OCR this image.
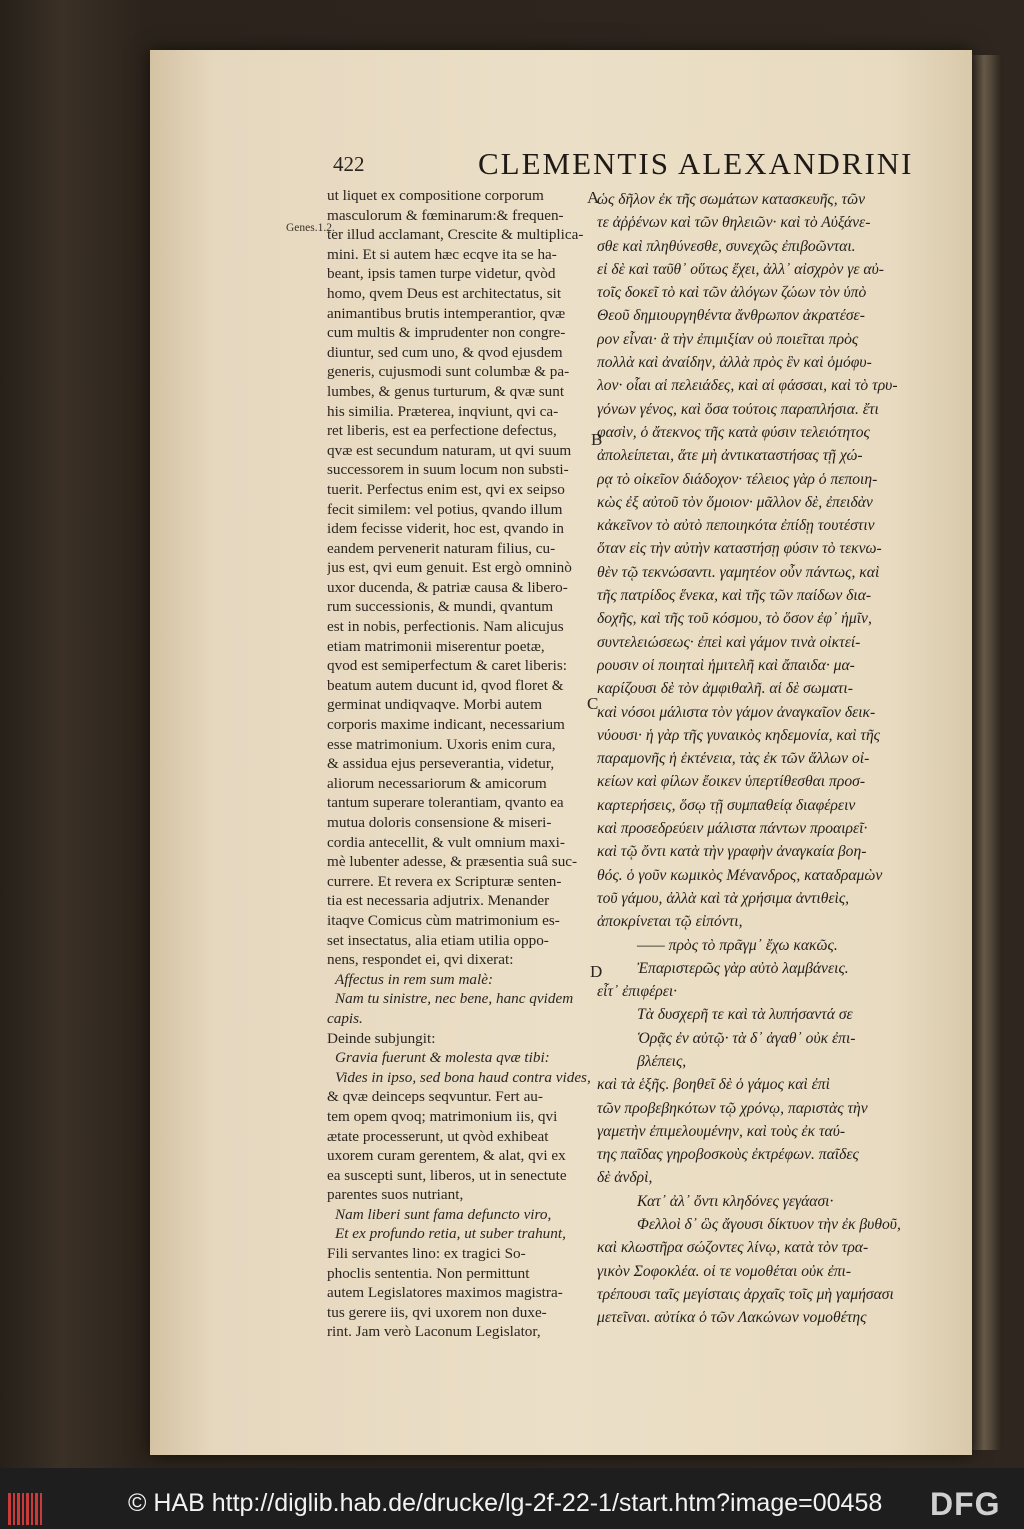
422	CLEMENTIS ALEXANDRINI
Genes.1.2.
A
B
C
D
ut liquet ex compositione corporum
masculorum & fœminarum:& frequen-
ter illud acclamant, Crescite & multiplica-
mini. Et si autem hæc ecqve ita se ha-
beant, ipsis tamen turpe videtur, qvòd
homo, qvem Deus est architectatus, sit
animantibus brutis intemperantior, qvæ
cum multis & imprudenter non congre-
diuntur, sed cum uno, & qvod ejusdem
generis, cujusmodi sunt columbæ & pa-
lumbes, & genus turturum, & qvæ sunt
his similia. Præterea, inqviunt, qvi ca-
ret liberis, est ea perfectione defectus,
qvæ est secundum naturam, ut qvi suum
successorem in suum locum non substi-
tuerit. Perfectus enim est, qvi ex seipso
fecit similem: vel potius, qvando illum
idem fecisse viderit, hoc est, qvando in
eandem pervenerit naturam filius, cu-
jus est, qvi eum genuit. Est ergò omninò
uxor ducenda, & patriæ causa & libero-
rum successionis, & mundi, qvantum
est in nobis, perfectionis. Nam alicujus
etiam matrimonii miserentur poetæ,
qvod est semiperfectum & caret liberis:
beatum autem ducunt id, qvod floret &
germinat undiqvaqve. Morbi autem
corporis maxime indicant, necessarium
esse matrimonium. Uxoris enim cura,
& assidua ejus perseverantia, videtur,
aliorum necessariorum & amicorum
tantum superare tolerantiam, qvanto ea
mutua doloris consensione & miseri-
cordia antecellit, & vult omnium maxi-
mè lubenter adesse, & præsentia suâ suc-
currere. Et revera ex Scripturæ senten-
tia est necessaria adjutrix. Menander
itaqve Comicus cùm matrimonium es-
set insectatus, alia etiam utilia oppo-
nens, respondet ei, qvi dixerat:
Affectus in rem sum malè:
Nam tu sinistre, nec bene, hanc qvidem
capis.
Deinde subjungit:
Gravia fuerunt & molesta qvæ tibi:
Vides in ipso, sed bona haud contra vides,
& qvæ deinceps seqvuntur. Fert au-
tem opem qvoq; matrimonium iis, qvi
ætate processerunt, ut qvòd exhibeat
uxorem curam gerentem, & alat, qvi ex
ea suscepti sunt, liberos, ut in senectute
parentes suos nutriant,
Nam liberi sunt fama defuncto viro,
Et ex profundo retia, ut suber trahunt,
Fili servantes lino: ex tragici So-
phoclis sententia. Non permittunt
autem Legislatores maximos magistra-
tus gerere iis, qvi uxorem non duxe-
rint. Jam verò Laconum Legislator,
ὡς δῆλον ἐκ τῆς σωμάτων κατασκευῆς, τῶν
τε ἀῤῥένων καὶ τῶν θηλειῶν· καὶ τὸ Αὐξάνε-
σθε καὶ πληθύνεσθε, συνεχῶς ἐπιβοῶνται.
εἰ δὲ καὶ ταῦθ᾽ οὕτως ἔχει, ἀλλ᾽ αἰσχρὸν γε αὐ-
τοῖς δοκεῖ τὸ καὶ τῶν ἀλόγων ζώων τὸν ὑπὸ
Θεοῦ δημιουργηθέντα ἄνθρωπον ἀκρατέσε-
ρον εἶναι· ἃ τὴν ἐπιμιξίαν οὐ ποιεῖται πρὸς
πολλὰ καὶ ἀναίδην, ἀλλὰ πρὸς ἓν καὶ ὁμόφυ-
λον· οἷαι αἱ πελειάδες, καὶ αἱ φάσσαι, καὶ τὸ τρυ-
γόνων γένος, καὶ ὅσα τούτοις παραπλήσια. ἔτι
φασὶν, ὁ ἄτεκνος τῆς κατὰ φύσιν τελειότητος
ἀπολείπεται, ἅτε μὴ ἀντικαταστήσας τῇ χώ-
ρᾳ τὸ οἰκεῖον διάδοχον· τέλειος γὰρ ὁ πεποιη-
κὼς ἐξ αὐτοῦ τὸν ὅμοιον· μᾶλλον δὲ, ἐπειδὰν
κἀκεῖνον τὸ αὐτὸ πεποιηκότα ἐπίδῃ τουτέστιν
ὅταν εἰς τὴν αὐτὴν καταστήσῃ φύσιν τὸ τεκνω-
θὲν τῷ τεκνώσαντι. γαμητέον οὖν πάντως, καὶ
τῆς πατρίδος ἕνεκα, καὶ τῆς τῶν παίδων δια-
δοχῆς, καὶ τῆς τοῦ κόσμου, τὸ ὅσον ἐφ᾽ ἡμῖν,
συντελειώσεως· ἐπεὶ καὶ γάμον τινὰ οἰκτεί-
ρουσιν οἱ ποιηταὶ ἡμιτελῆ καὶ ἄπαιδα· μα-
καρίζουσι δὲ τὸν ἀμφιθαλῆ. αἱ δὲ σωματι-
καὶ νόσοι μάλιστα τὸν γάμον ἀναγκαῖον δεικ-
νύουσι· ἡ γὰρ τῆς γυναικὸς κηδεμονία, καὶ τῆς
παραμονῆς ἡ ἐκτένεια, τὰς ἐκ τῶν ἄλλων οἰ-
κείων καὶ φίλων ἔοικεν ὑπερτίθεσθαι προσ-
καρτερήσεις, ὅσῳ τῇ συμπαθείᾳ διαφέρειν
καὶ προσεδρεύειν μάλιστα πάντων προαιρεῖ·
καὶ τῷ ὄντι κατὰ τὴν γραφὴν ἀναγκαία βοη-
θός. ὁ γοῦν κωμικὸς Μένανδρος, καταδραμὼν
τοῦ γάμου, ἀλλὰ καὶ τὰ χρήσιμα ἀντιθεὶς,
ἀποκρίνεται τῷ εἰπόντι,
—— πρὸς τὸ πρᾶγμ᾽ ἔχω κακῶς.
Ἐπαριστερῶς γὰρ αὐτὸ λαμβάνεις.
εἶτ᾽ ἐπιφέρει·
Τὰ δυσχερῆ τε καὶ τὰ λυπήσαντά σε
Ὁρᾷς ἐν αὐτῷ· τὰ δ᾽ ἀγαθ᾽ οὐκ ἐπι-
βλέπεις,
καὶ τὰ ἑξῆς. βοηθεῖ δὲ ὁ γάμος καὶ ἐπὶ
τῶν προβεβηκότων τῷ χρόνῳ, παριστὰς τὴν
γαμετὴν ἐπιμελουμένην, καὶ τοὺς ἐκ ταύ-
της παῖδας γηροβοσκοὺς ἐκτρέφων. παῖδες
δὲ ἀνδρὶ,
Κατ᾽ ἀλ᾽ ὄντι κληδόνες γεγάασι·
Φελλοὶ δ᾽ ὣς ἄγουσι δίκτυον τὴν ἐκ βυθοῦ,
καὶ κλωστῆρα σώζοντες λίνῳ, κατὰ τὸν τρα-
γικὸν Σοφοκλέα. οἱ τε νομοθέται οὐκ ἐπι-
τρέπουσι ταῖς μεγίσταις ἀρχαῖς τοῖς μὴ γαμήσασι
μετεῖναι. αὐτίκα ὁ τῶν Λακώνων νομοθέτης
© HAB http://diglib.hab.de/drucke/lg-2f-22-1/start.htm?image=00458 DFG
